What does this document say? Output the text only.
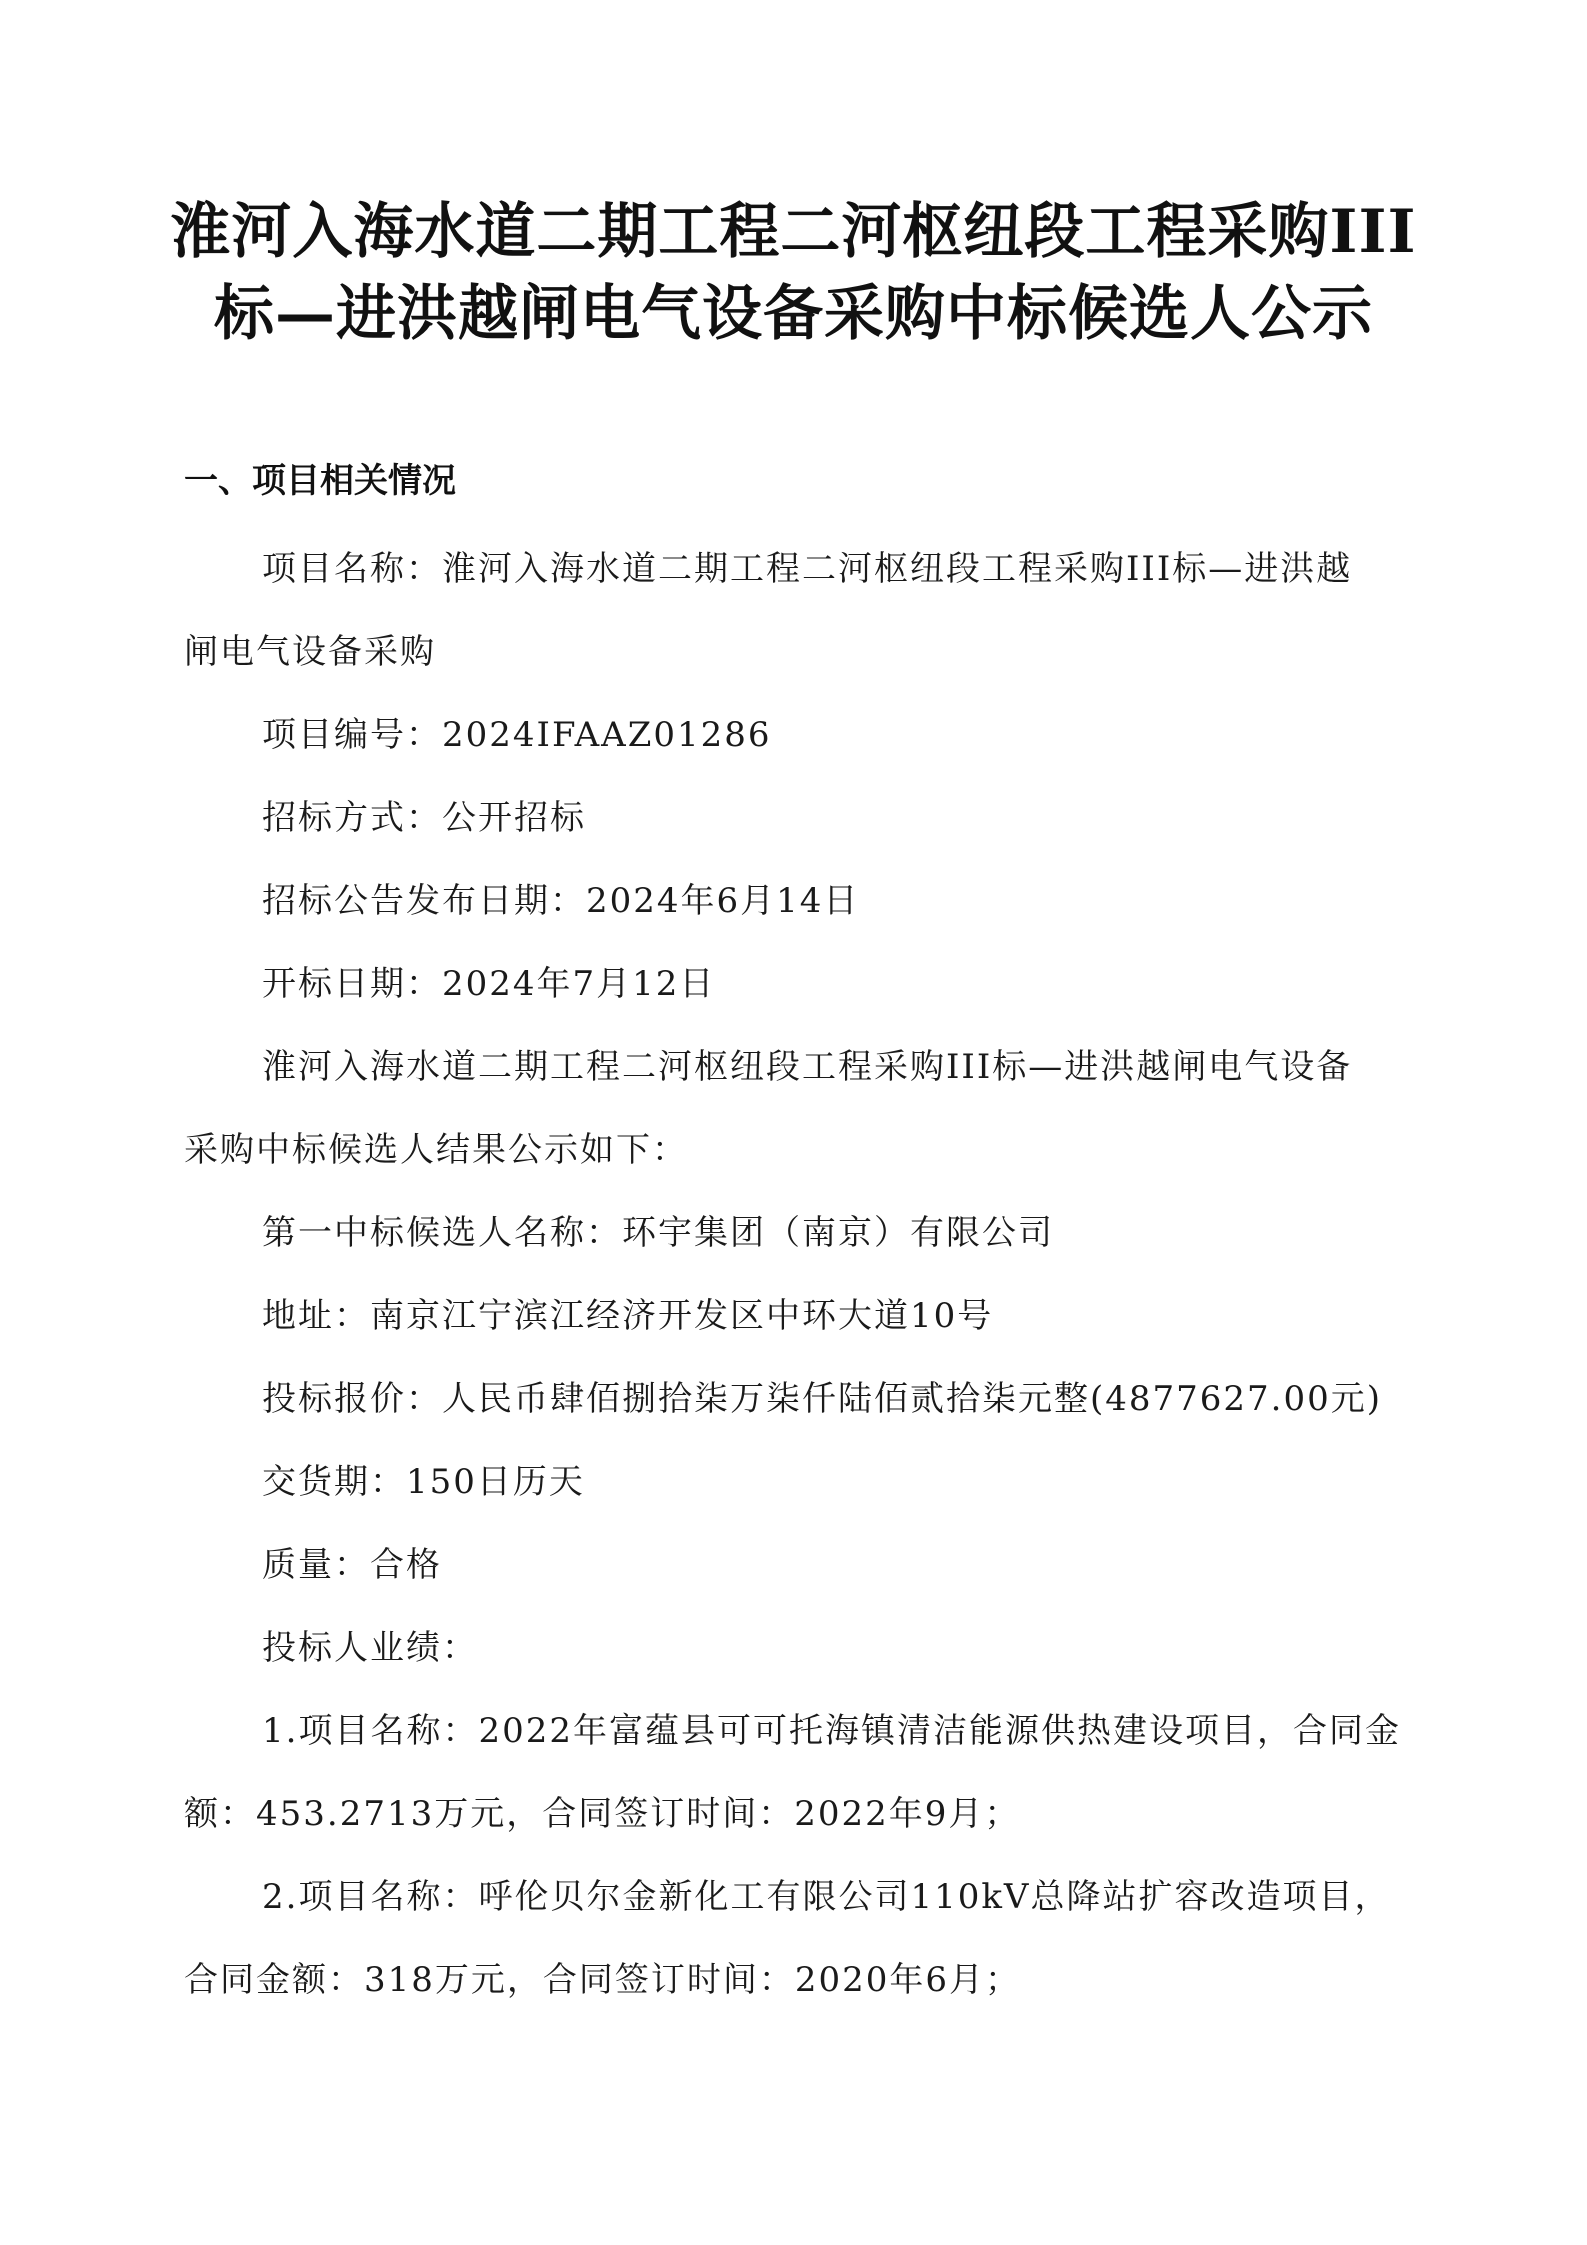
淮河入海水道二期工程二河枢纽段工程采购III
标—进洪越闸电气设备采购中标候选人公示
一、项目相关情况
项目名称：淮河入海水道二期工程二河枢纽段工程采购III标—进洪越
闸电气设备采购
项目编号：2024IFAAZ01286
招标方式：公开招标
招标公告发布日期：2024年6月14日
开标日期：2024年7月12日
淮河入海水道二期工程二河枢纽段工程采购III标—进洪越闸电气设备
采购中标候选人结果公示如下：
第一中标候选人名称：环宇集团（南京）有限公司
地址：南京江宁滨江经济开发区中环大道10号
投标报价：人民币肆佰捌拾柒万柒仟陆佰贰拾柒元整(4877627.00元)
交货期：150日历天
质量：合格
投标人业绩：
1.项目名称：2022年富蕴县可可托海镇清洁能源供热建设项目，合同金
额：453.2713万元，合同签订时间：2022年9月；
2.项目名称：呼伦贝尔金新化工有限公司110kV总降站扩容改造项目，
合同金额：318万元，合同签订时间：2020年6月；
